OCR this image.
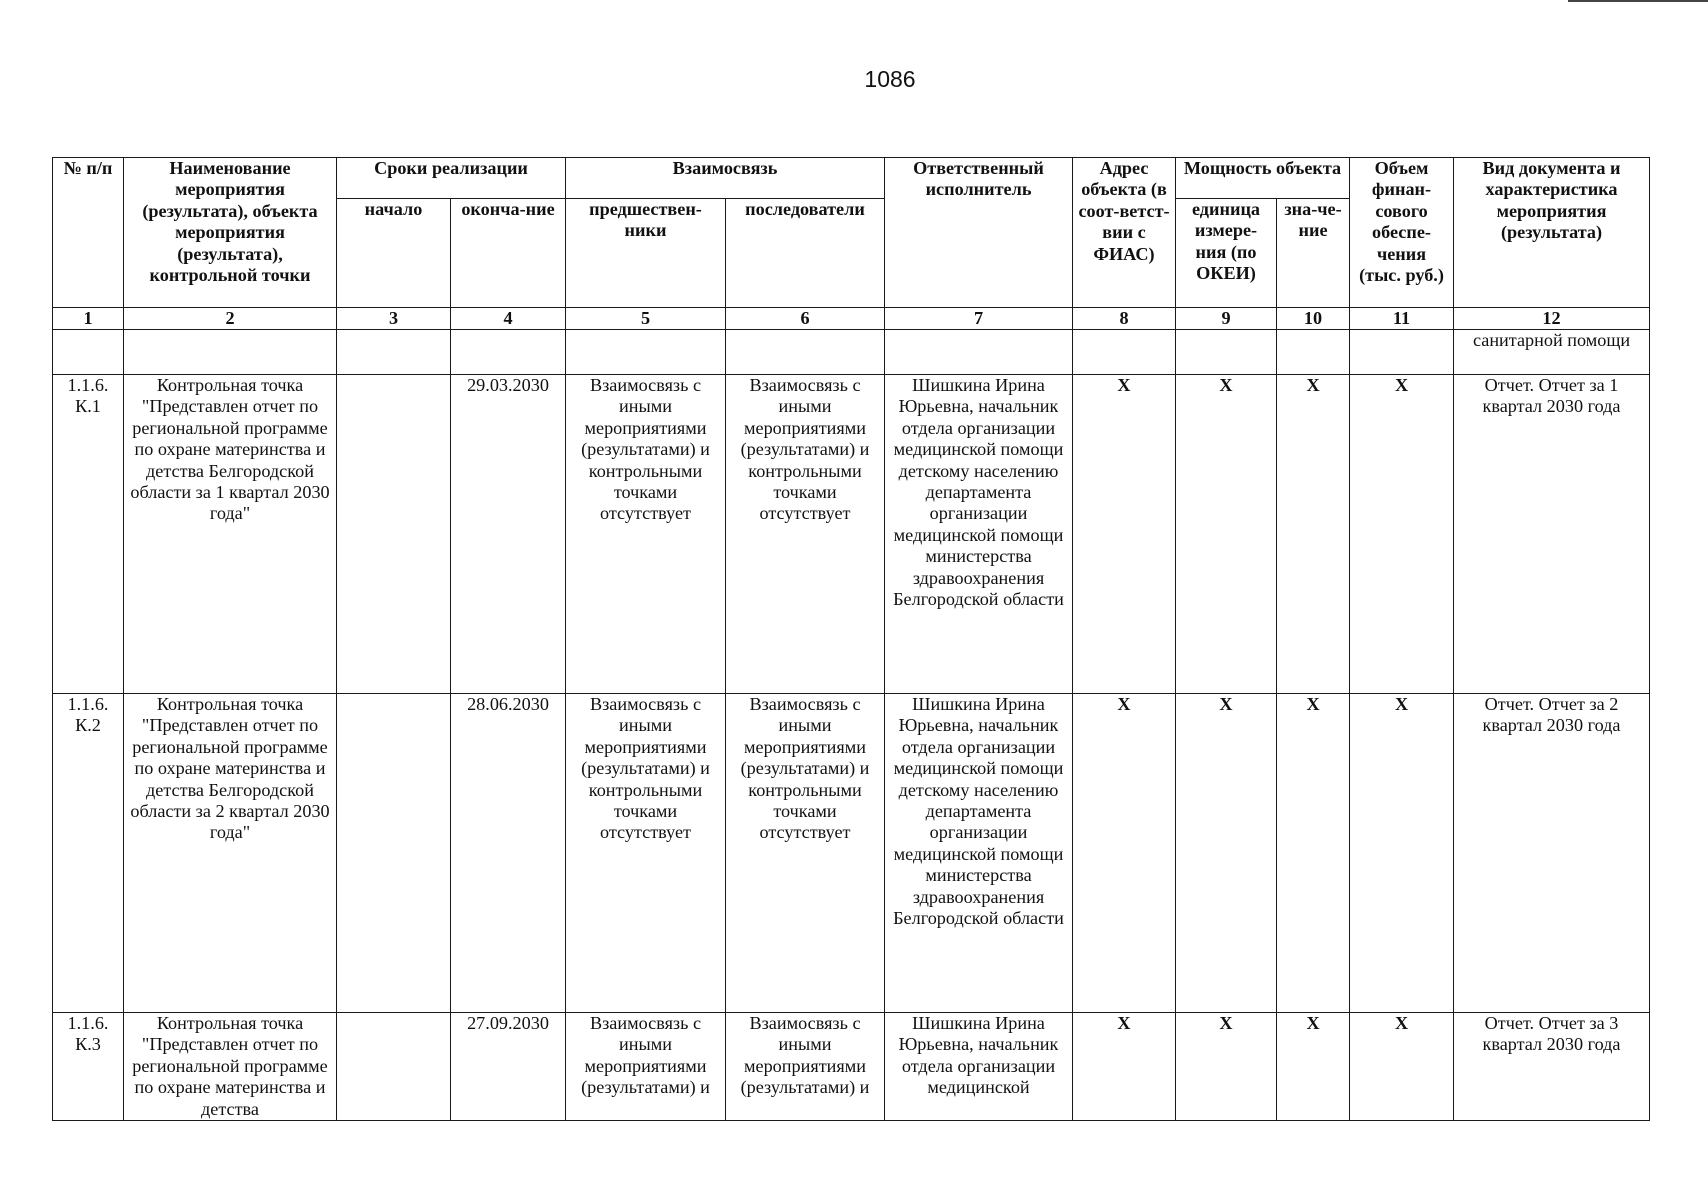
1086
№ п/п	Наименование мероприятия (результата), объекта мероприятия (результата), контрольной точки	Сроки реализации		Взаимосвязь		Ответственный исполнитель	Адрес объекта (в соот-ветст-вии с ФИАС)	Мощность объекта		Объем финан-сового обеспе-чения (тыс. руб.)	Вид документа и характеристика мероприятия (результата)
		начало	оконча-ние	предшествен-ники	последователи			единица измере-ния (по ОКЕИ)	зна-че-ние		
1	2	3	4	5	6	7	8	9	10	11	12
											санитарной помощи
1.1.6. К.1	Контрольная точка "Представлен отчет по региональной программе по охране материнства и детства Белгородской области за 1 квартал 2030 года"		29.03.2030	Взаимосвязь с иными мероприятиями (результатами) и контрольными точками отсутствует	Взаимосвязь с иными мероприятиями (результатами) и контрольными точками отсутствует	Шишкина Ирина Юрьевна, начальник отдела организации медицинской помощи детскому населению департамента организации медицинской помощи министерства здравоохранения Белгородской области	X	X	X	X	Отчет. Отчет за 1 квартал 2030 года
1.1.6. К.2	Контрольная точка "Представлен отчет по региональной программе по охране материнства и детства Белгородской области за 2 квартал 2030 года"		28.06.2030	Взаимосвязь с иными мероприятиями (результатами) и контрольными точками отсутствует	Взаимосвязь с иными мероприятиями (результатами) и контрольными точками отсутствует	Шишкина Ирина Юрьевна, начальник отдела организации медицинской помощи детскому населению департамента организации медицинской помощи министерства здравоохранения Белгородской области	X	X	X	X	Отчет. Отчет за 2 квартал 2030 года
1.1.6. К.3	Контрольная точка "Представлен отчет по региональной программе по охране материнства и детства		27.09.2030	Взаимосвязь с иными мероприятиями (результатами) и	Взаимосвязь с иными мероприятиями (результатами) и	Шишкина Ирина Юрьевна, начальник отдела организации медицинской	X	X	X	X	Отчет. Отчет за 3 квартал 2030 года
